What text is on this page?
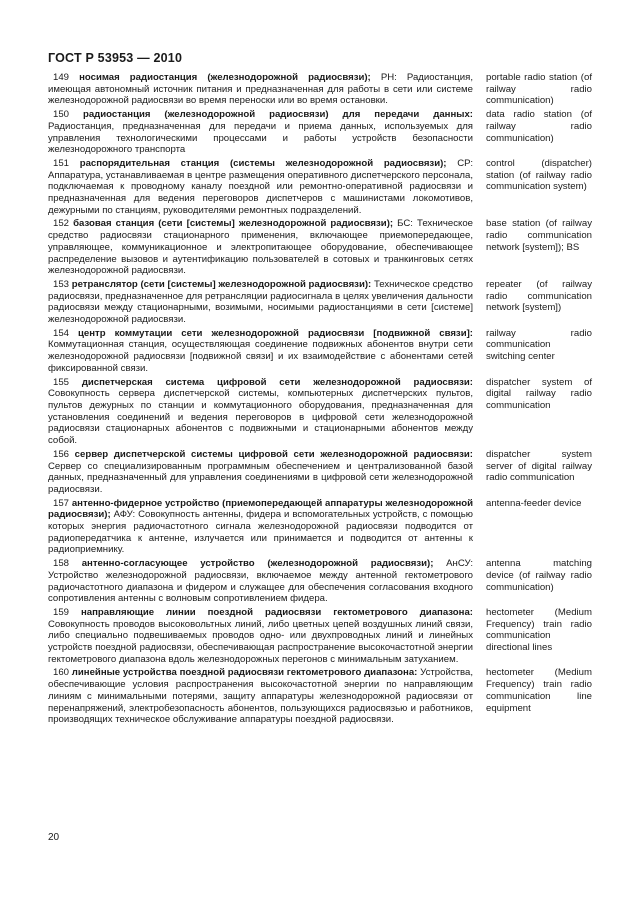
ГОСТ Р 53953 — 2010
149 носимая радиостанция (железнодорожной радиосвязи); РН: Радиостанция, имеющая автономный источник питания и предназначенная для работы в сети или системе железнодорожной радиосвязи во время переноски или во время остановки.
portable radio station (of railway radio communication)
150 радиостанция (железнодорожной радиосвязи) для передачи данных: Радиостанция, предназначенная для передачи и приема данных, используемых для управления технологическими процессами и работы устройств безопасности железнодорожного транспорта
data radio station (of railway radio communication)
151 распорядительная станция (системы железнодорожной радиосвязи); СР: Аппаратура, устанавливаемая в центре размещения оперативного диспетчерского персонала, подключаемая к проводному каналу поездной или ремонтно-оперативной радиосвязи и предназначенная для ведения переговоров диспетчеров с машинистами локомотивов, дежурными по станциям, руководителями ремонтных подразделений.
control (dispatcher) station (of railway radio communication system)
152 базовая станция (сети [системы] железнодорожной радиосвязи); БС: Техническое средство радиосвязи стационарного применения, включающее приемопередающее, управляющее, коммуникационное и электропитающее оборудование, обеспечивающее распределение вызовов и аутентификацию пользователей в сотовых и транкинговых сетях железнодорожной радиосвязи.
base station (of railway radio communication network [system]); BS
153 ретранслятор (сети [системы] железнодорожной радиосвязи): Техническое средство радиосвязи, предназначенное для ретрансляции радиосигнала в целях увеличения дальности радиосвязи между стационарными, возимыми, носимыми радиостанциями в сети [системе] железнодорожной радиосвязи.
repeater (of railway radio communication network [system])
154 центр коммутации сети железнодорожной радиосвязи [подвижной связи]: Коммутационная станция, осуществляющая соединение подвижных абонентов внутри сети железнодорожной радиосвязи [подвижной связи] и их взаимодействие с абонентами сетей фиксированной связи.
railway radio communication switching center
155 диспетчерская система цифровой сети железнодорожной радиосвязи: Совокупность сервера диспетчерской системы, компьютерных диспетчерских пультов, пультов дежурных по станции и коммутационного оборудования, предназначенная для установления соединений и ведения переговоров в цифровой сети железнодорожной радиосвязи стационарных абонентов с подвижными и стационарными абонентов между собой.
dispatcher system of digital railway radio communication
156 сервер диспетчерской системы цифровой сети железнодорожной радиосвязи: Сервер со специализированным программным обеспечением и централизованной базой данных, предназначенный для управления соединениями в цифровой сети железнодорожной радиосвязи.
dispatcher system server of digital railway radio communication
157 антенно-фидерное устройство (приемопередающей аппаратуры железнодорожной радиосвязи); АФУ: Совокупность антенны, фидера и вспомогательных устройств, с помощью которых энергия радиочастотного сигнала железнодорожной радиосвязи подводится от радиопередатчика к антенне, излучается или принимается и подводится от антенны к радиоприемнику.
antenna-feeder device
158 антенно-согласующее устройство (железнодорожной радиосвязи); АнСУ: Устройство железнодорожной радиосвязи, включаемое между антенной гектометрового радиочастотного диапазона и фидером и служащее для обеспечения согласования входного сопротивления антенны с волновым сопротивлением фидера.
antenna matching device (of railway radio communication)
159 направляющие линии поездной радиосвязи гектометрового диапазона: Совокупность проводов высоковольтных линий, либо цветных цепей воздушных линий связи, либо специально подвешиваемых проводов одно- или двухпроводных линий и линейных устройств поездной радиосвязи, обеспечивающая распространение высокочастотной энергии гектометрового диапазона вдоль железнодорожных перегонов с минимальным затуханием.
hectometer (Medium Frequency) train radio communication directional lines
160 линейные устройства поездной радиосвязи гектометрового диапазона: Устройства, обеспечивающие условия распространения высокочастотной энергии по направляющим линиям с минимальными потерями, защиту аппаратуры железнодорожной радиосвязи от перенапряжений, электробезопасность абонентов, пользующихся радиосвязью и работников, производящих техническое обслуживание аппаратуры поездной радиосвязи.
hectometer (Medium Frequency) train radio communication line equipment
20
